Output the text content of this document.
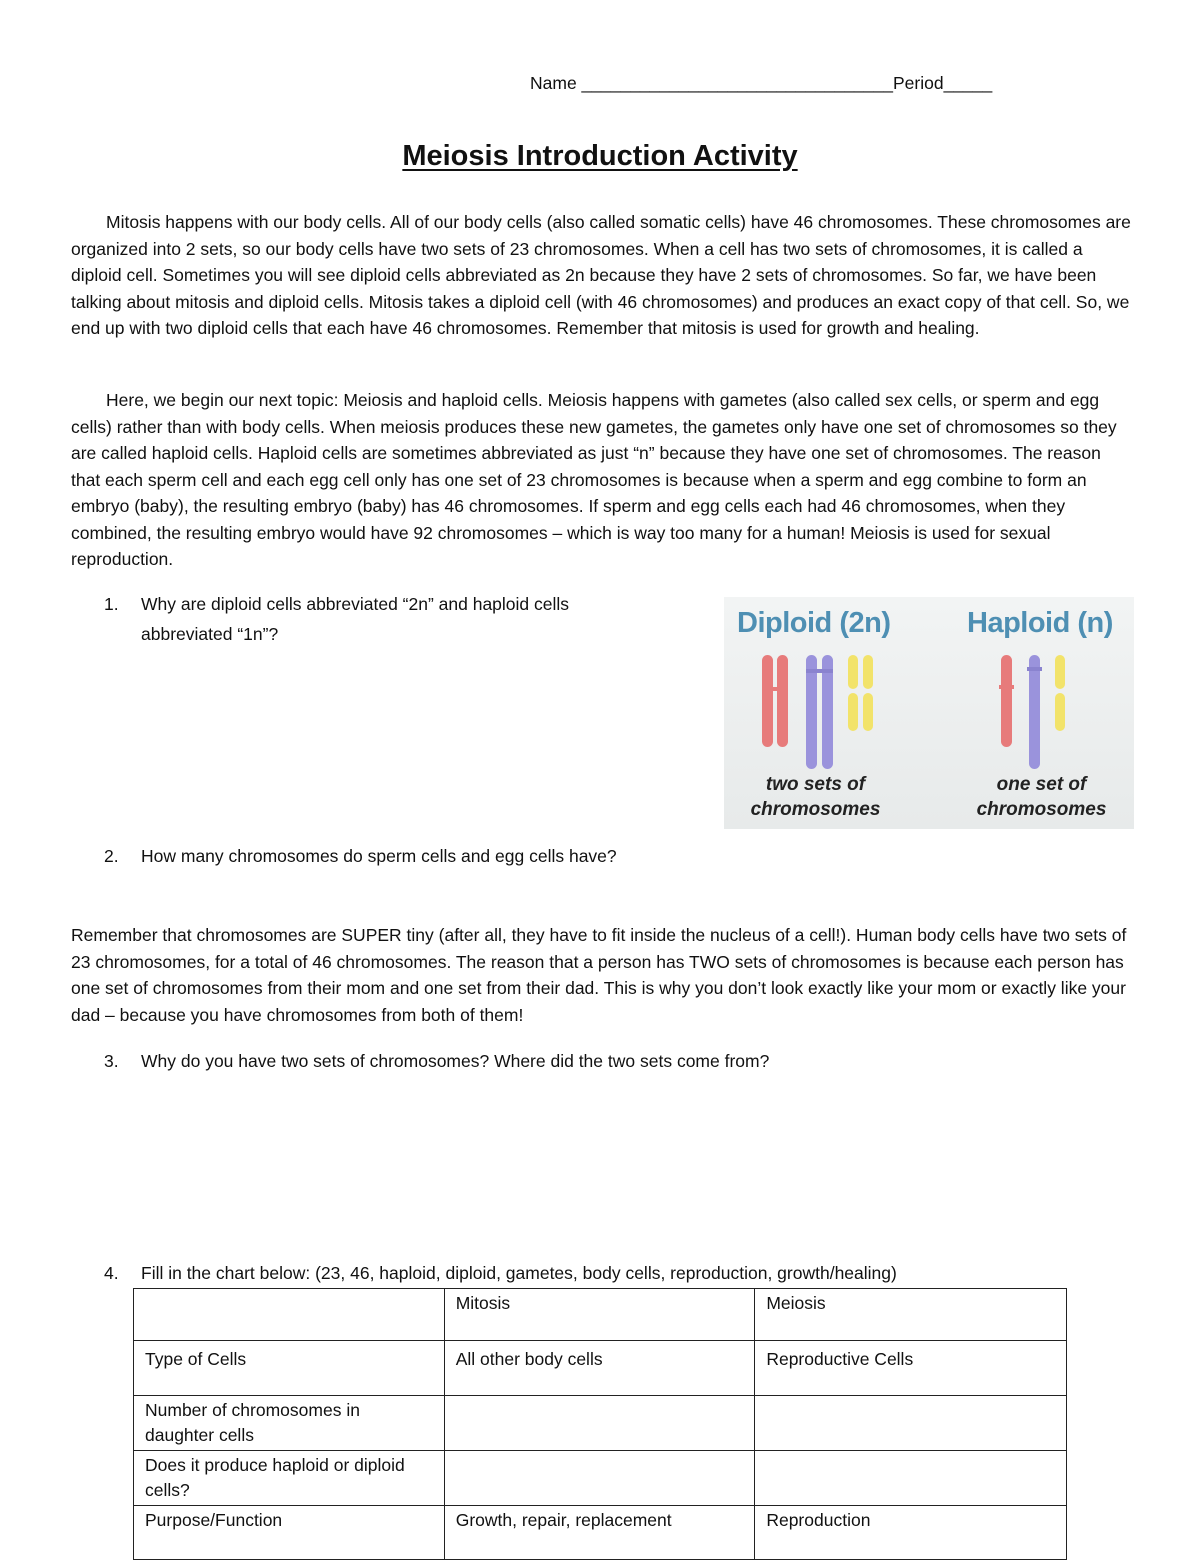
Name ________________________________Period_____
Meiosis Introduction Activity

Mitosis happens with our body cells. All of our body cells (also called somatic cells) have 46 chromosomes. These chromosomes are organized into 2 sets, so our body cells have two sets of 23 chromosomes. When a cell has two sets of chromosomes, it is called a diploid cell. Sometimes you will see diploid cells abbreviated as 2n because they have 2 sets of chromosomes. So far, we have been talking about mitosis and diploid cells. Mitosis takes a diploid cell (with 46 chromosomes) and produces an exact copy of that cell. So, we end up with two diploid cells that each have 46 chromosomes. Remember that mitosis is used for growth and healing.

Here, we begin our next topic: Meiosis and haploid cells. Meiosis happens with gametes (also called sex cells, or sperm and egg cells) rather than with body cells. When meiosis produces these new gametes, the gametes only have one set of chromosomes so they are called haploid cells. Haploid cells are sometimes abbreviated as just “n” because they have one set of chromosomes. The reason that each sperm cell and each egg cell only has one set of 23 chromosomes is because when a sperm and egg combine to form an embryo (baby), the resulting embryo (baby) has 46 chromosomes. If sperm and egg cells each had 46 chromosomes, when they combined, the resulting embryo would have 92 chromosomes – which is way too many for a human! Meiosis is used for sexual reproduction.

1. Why are diploid cells abbreviated “2n” and haploid cells
abbreviated “1n”?	Diploid (2n)	Haploid (n)
two sets of
chromosomes
one set of
chromosomes
2. How many chromosomes do sperm cells and egg cells have?

Remember that chromosomes are SUPER tiny (after all, they have to fit inside the nucleus of a cell!). Human body cells have two sets of 23 chromosomes, for a total of 46 chromosomes. The reason that a person has TWO sets of chromosomes is because each person has one set of chromosomes from their mom and one set from their dad. This is why you don’t look exactly like your mom or exactly like your dad – because you have chromosomes from both of them!

3. Why do you have two sets of chromosomes? Where did the two sets come from?
4. Fill in the chart below: (23, 46, haploid, diploid, gametes, body cells, reproduction, growth/healing)
	Mitosis	Meiosis
Type of Cells	All other body cells	Reproductive Cells
Number of chromosomes in daughter cells		
Does it produce haploid or diploid cells?		
Purpose/Function	Growth, repair, replacement	Reproduction
